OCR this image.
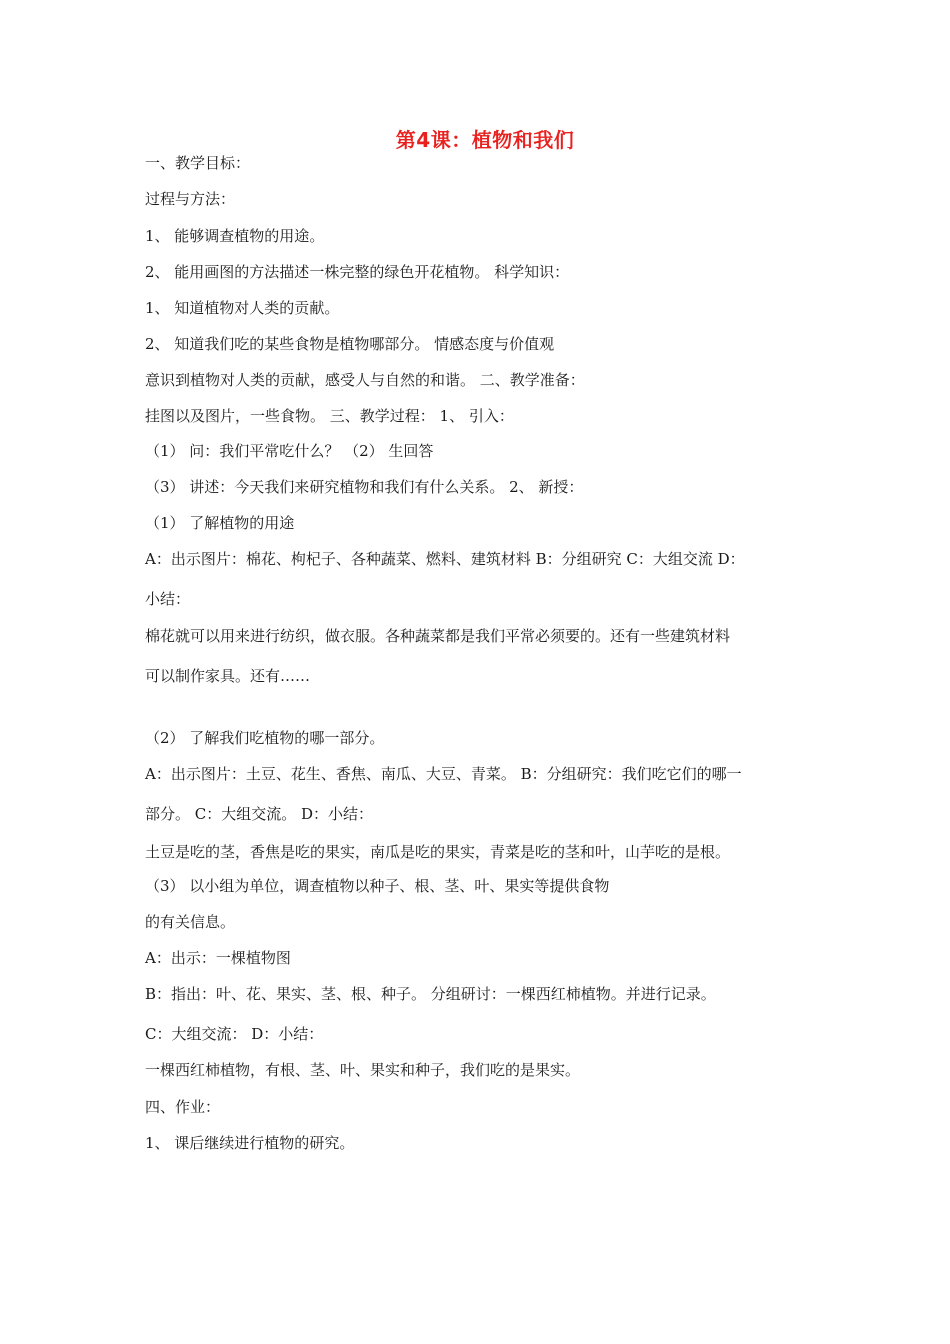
第4课：植物和我们
一、教学目标：
过程与方法：
1、 能够调查植物的用途。
2、 能用画图的方法描述一株完整的绿色开花植物。 科学知识：
1、 知道植物对人类的贡献。
2、 知道我们吃的某些食物是植物哪部分。 情感态度与价值观
意识到植物对人类的贡献，感受人与自然的和谐。 二、教学准备：
挂图以及图片，一些食物。 三、教学过程： 1、 引入：
（1） 问：我们平常吃什么？ （2） 生回答
（3） 讲述：今天我们来研究植物和我们有什么关系。 2、 新授：
（1） 了解植物的用途
A：出示图片：棉花、枸杞子、各种蔬菜、燃料、建筑材料 B：分组研究 C：大组交流 D：
小结：
棉花就可以用来进行纺织，做衣服。各种蔬菜都是我们平常必须要的。还有一些建筑材料
可以制作家具。还有……
（2） 了解我们吃植物的哪一部分。
A：出示图片：土豆、花生、香焦、南瓜、大豆、青菜。 B：分组研究：我们吃它们的哪一
部分。 C：大组交流。 D：小结：
土豆是吃的茎，香焦是吃的果实，南瓜是吃的果实，青菜是吃的茎和叶，山芋吃的是根。
（3） 以小组为单位，调查植物以种子、根、茎、叶、果实等提供食物
的有关信息。
A：出示：一棵植物图
B：指出：叶、花、果实、茎、根、种子。 分组研讨：一棵西红柿植物。并进行记录。
C：大组交流： D：小结：
一棵西红柿植物，有根、茎、叶、果实和种子，我们吃的是果实。
四、作业：
1、 课后继续进行植物的研究。
